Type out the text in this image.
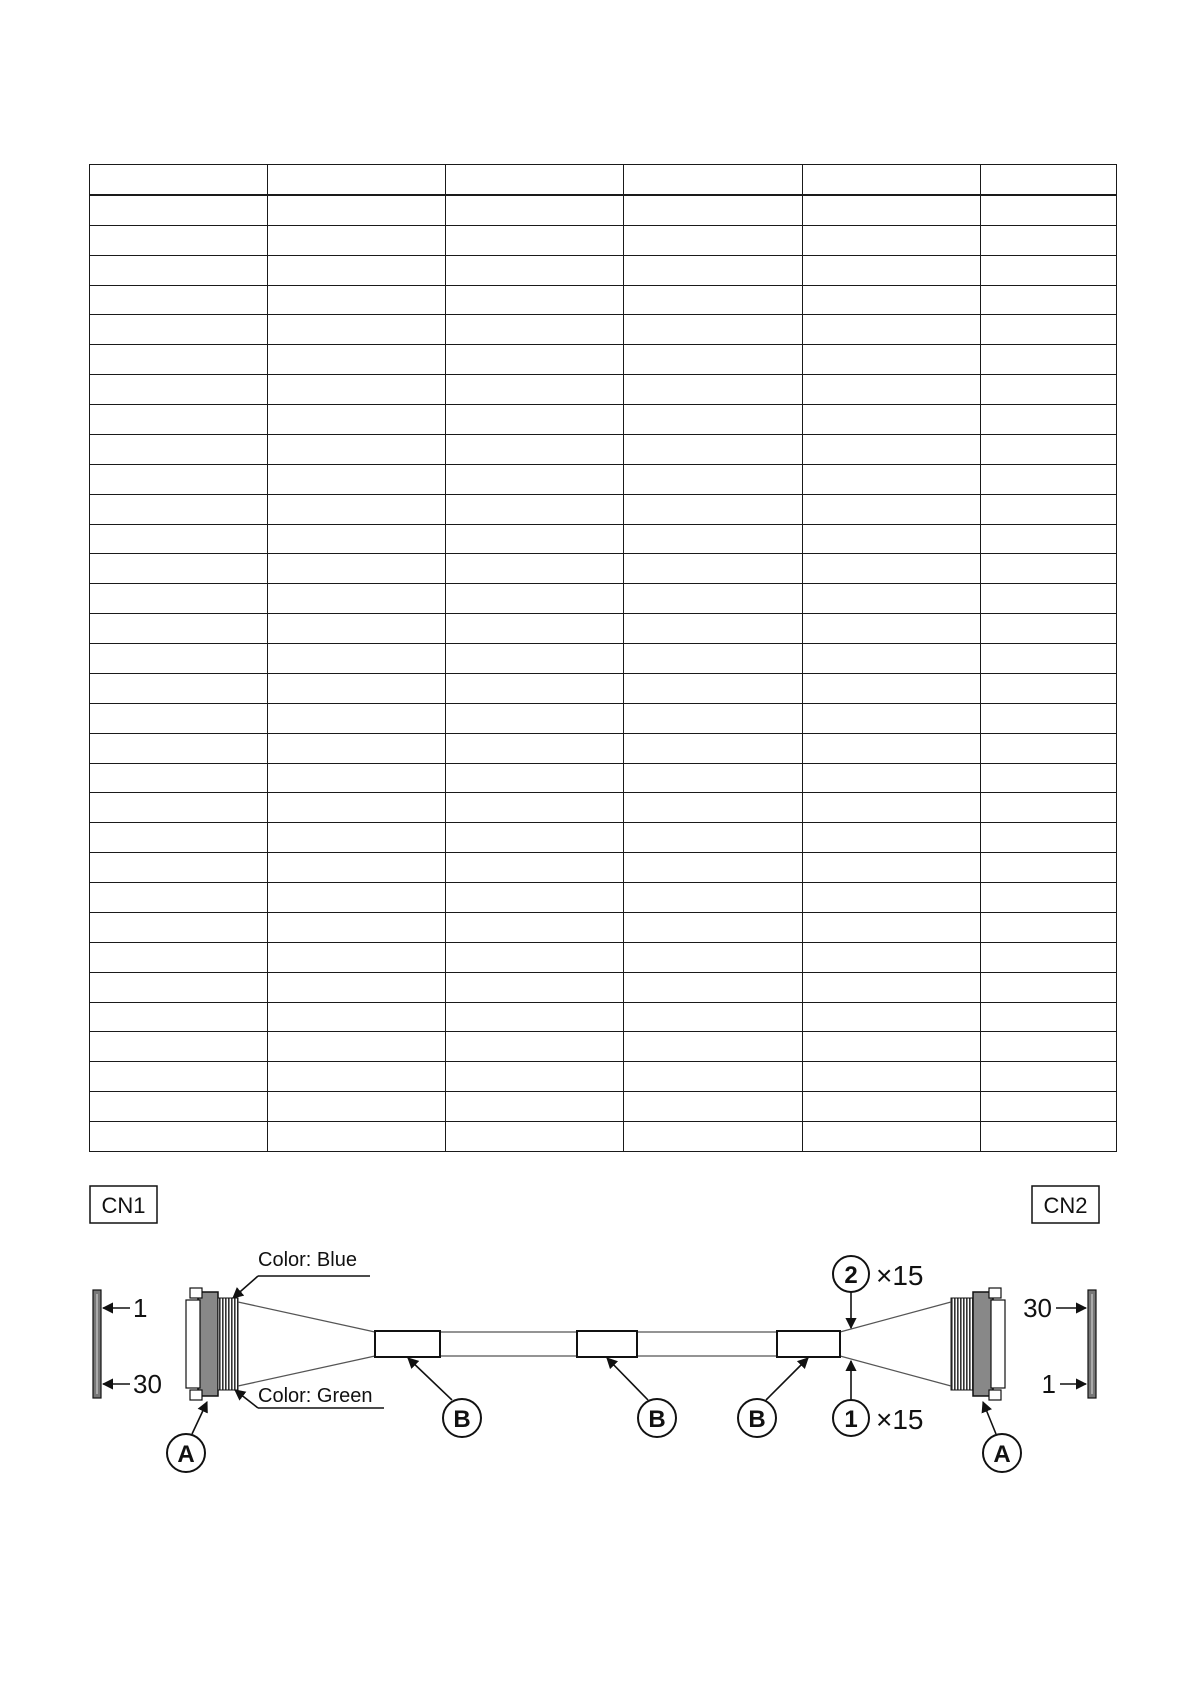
CN1	CN2
1
30
30
1
Color: Blue
Color: Green
A	A
B	B	B
2 ×15
1 ×15
